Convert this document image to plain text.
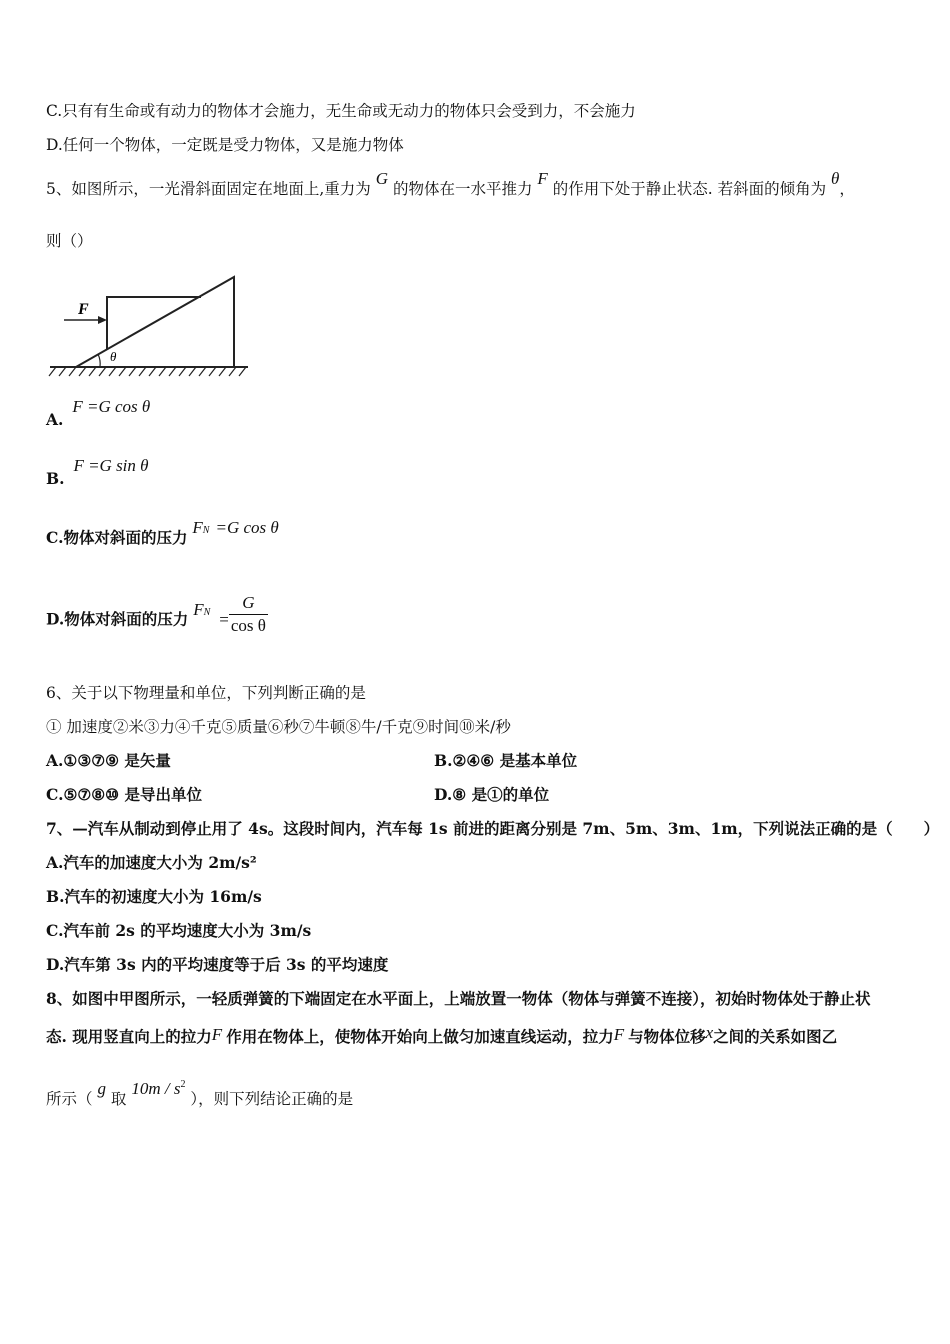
C.只有有生命或有动力的物体才会施力，无生命或无动力的物体只会受到力，不会施力
D.任何一个物体，一定既是受力物体，又是施力物体
5、如图所示，一光滑斜面固定在地面上,重力为 G 的物体在一水平推力 F 的作用下处于静止状态. 若斜面的倾角为 θ，
则（）
F
θ
A. F =G cos θ
B. F =G sin θ
C.物体对斜面的压力 FN =G cos θ
D.物体对斜面的压力 FN = $\frac{G}{\text{cos θ}}$
6、关于以下物理量和单位，下列判断正确的是
① 加速度②米③力④千克⑤质量⑥秒⑦牛顿⑧牛/千克⑨时间⑩米/秒
A.①③⑦⑨ 是矢量	B.②④⑥ 是基本单位
C.⑤⑦⑧⑩ 是导出单位	D.⑧ 是①的单位
7、—汽车从制动到停止用了 4s。这段时间内，汽车每 1s 前进的距离分别是 7m、5m、3m、1m，下列说法正确的是（　　）
A.汽车的加速度大小为 2m/s²
B.汽车的初速度大小为 16m/s
C.汽车前 2s 的平均速度大小为 3m/s
D.汽车第 3s 内的平均速度等于后 3s 的平均速度
8、如图中甲图所示，一轻质弹簧的下端固定在水平面上，上端放置一物体（物体与弹簧不连接），初始时物体处于静止状
态. 现用竖直向上的拉力F 作用在物体上，使物体开始向上做匀加速直线运动，拉力F 与物体位移x之间的关系如图乙
所示（ g 取 $10m / s^2$ ），则下列结论正确的是
